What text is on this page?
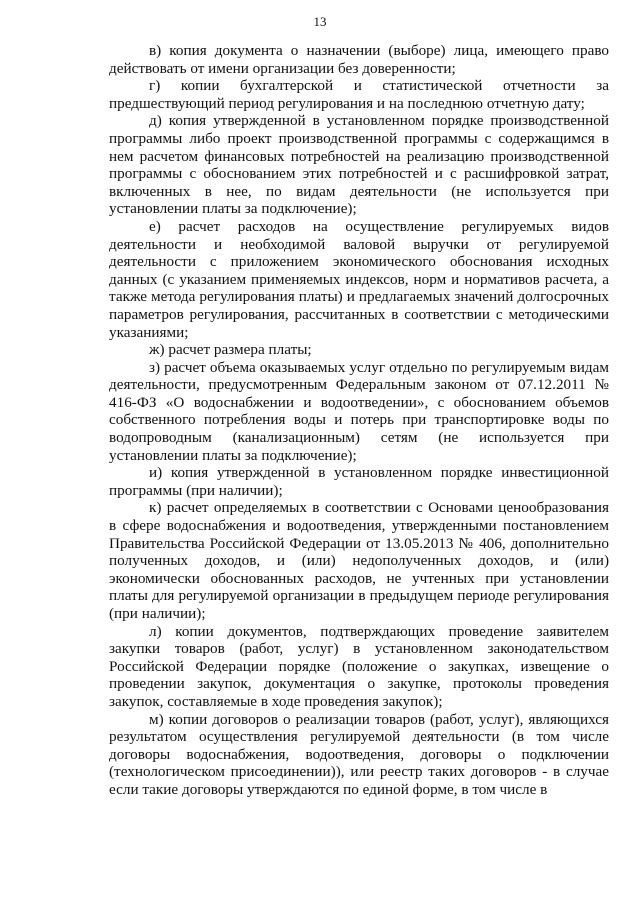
13

в) копия документа о назначении (выборе) лица, имеющего право действовать от имени организации без доверенности;

г) копии бухгалтерской и статистической отчетности за предшествующий период регулирования и на последнюю отчетную дату;

д) копия утвержденной в установленном порядке производственной программы либо проект производственной программы с содержащимся в нем расчетом финансовых потребностей на реализацию производственной программы с обоснованием этих потребностей и с расшифровкой затрат, включенных в нее, по видам деятельности (не используется при установлении платы за подключение);

е) расчет расходов на осуществление регулируемых видов деятельности и необходимой валовой выручки от регулируемой деятельности с приложением экономического обоснования исходных данных (с указанием применяемых индексов, норм и нормативов расчета, а также метода регулирования платы) и предлагаемых значений долгосрочных параметров регулирования, рассчитанных в соответствии с методическими указаниями;

ж) расчет размера платы;

з) расчет объема оказываемых услуг отдельно по регулируемым видам деятельности, предусмотренным Федеральным законом от 07.12.2011 № 416-ФЗ «О водоснабжении и водоотведении», с обоснованием объемов собственного потребления воды и потерь при транспортировке воды по водопроводным (канализационным) сетям (не используется при установлении платы за подключение);

и) копия утвержденной в установленном порядке инвестиционной программы (при наличии);

к) расчет определяемых в соответствии с Основами ценообразования в сфере водоснабжения и водоотведения, утвержденными постановлением Правительства Российской Федерации от 13.05.2013 № 406, дополнительно полученных доходов, и (или) недополученных доходов, и (или) экономически обоснованных расходов, не учтенных при установлении платы для регулируемой организации в предыдущем периоде регулирования (при наличии);

л) копии документов, подтверждающих проведение заявителем закупки товаров (работ, услуг) в установленном законодательством Российской Федерации порядке (положение о закупках, извещение о проведении закупок, документация о закупке, протоколы проведения закупок, составляемые в ходе проведения закупок);

м) копии договоров о реализации товаров (работ, услуг), являющихся результатом осуществления регулируемой деятельности (в том числе договоры водоснабжения, водоотведения, договоры о подключении (технологическом присоединении)), или реестр таких договоров - в случае если такие договоры утверждаются по единой форме, в том числе в
